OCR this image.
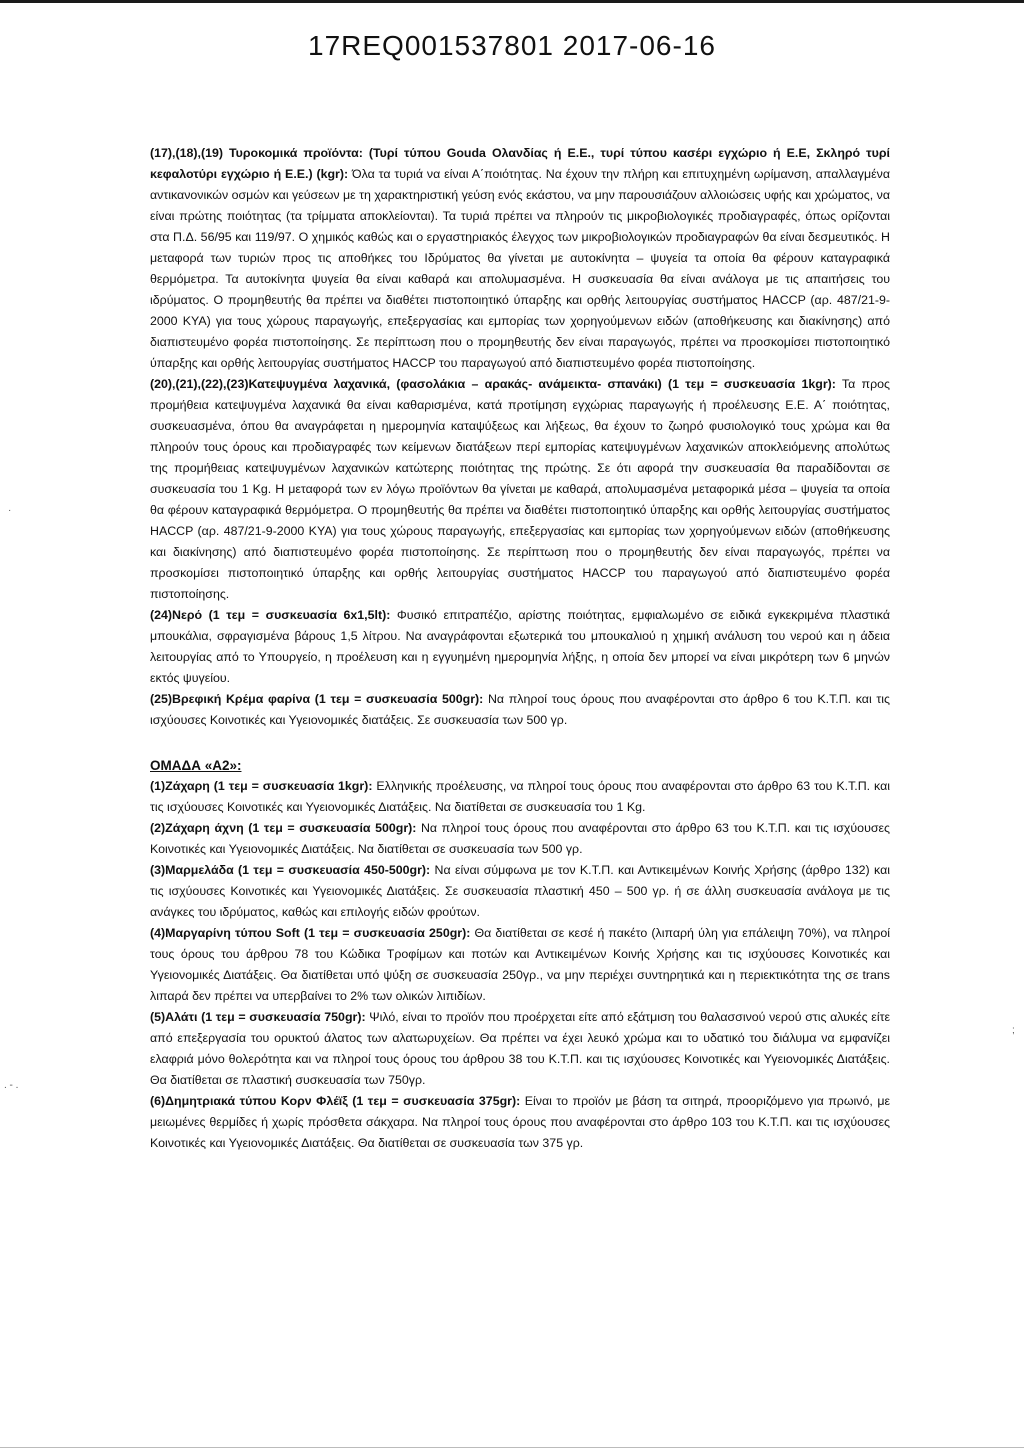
17REQ001537801 2017-06-16

(17),(18),(19) Τυροκομικά προϊόντα: (Τυρί τύπου Gouda Ολανδίας ή Ε.Ε., τυρί τύπου κασέρι εγχώριο ή Ε.Ε, Σκληρό τυρί κεφαλοτύρι εγχώριο ή Ε.Ε.) (kgr): Όλα τα τυριά να είναι Α΄ποιότητας. Να έχουν την πλήρη και επιτυχημένη ωρίμανση, απαλλαγμένα αντικανονικών οσμών και γεύσεων με τη χαρακτηριστική γεύση ενός εκάστου, να μην παρουσιάζουν αλλοιώσεις υφής και χρώματος, να είναι πρώτης ποιότητας (τα τρίμματα αποκλείονται). Τα τυριά πρέπει να πληρούν τις μικροβιολογικές προδιαγραφές, όπως ορίζονται στα Π.Δ. 56/95 και 119/97. Ο χημικός καθώς και ο εργαστηριακός έλεγχος των μικροβιολογικών προδιαγραφών θα είναι δεσμευτικός. Η μεταφορά των τυριών προς τις αποθήκες του Ιδρύματος θα γίνεται με αυτοκίνητα – ψυγεία τα οποία θα φέρουν καταγραφικά θερμόμετρα. Τα αυτοκίνητα ψυγεία θα είναι καθαρά και απολυμασμένα. Η συσκευασία θα είναι ανάλογα με τις απαιτήσεις του ιδρύματος. Ο προμηθευτής θα πρέπει να διαθέτει πιστοποιητικό ύπαρξης και ορθής λειτουργίας συστήματος HACCP (αρ. 487/21-9-2000 ΚΥΑ) για τους χώρους παραγωγής, επεξεργασίας και εμπορίας των χορηγούμενων ειδών (αποθήκευσης και διακίνησης) από διαπιστευμένο φορέα πιστοποίησης. Σε περίπτωση που ο προμηθευτής δεν είναι παραγωγός, πρέπει να προσκομίσει πιστοποιητικό ύπαρξης και ορθής λειτουργίας συστήματος HACCP του παραγωγού από διαπιστευμένο φορέα πιστοποίησης.

(20),(21),(22),(23)Κατεψυγμένα λαχανικά, (φασολάκια – αρακάς- ανάμεικτα- σπανάκι) (1 τεμ = συσκευασία 1kgr): Τα προς προμήθεια κατεψυγμένα λαχανικά θα είναι καθαρισμένα, κατά προτίμηση εγχώριας παραγωγής ή προέλευσης Ε.Ε. Α΄ ποιότητας, συσκευασμένα, όπου θα αναγράφεται η ημερομηνία καταψύξεως και λήξεως, θα έχουν το ζωηρό φυσιολογικό τους χρώμα και θα πληρούν τους όρους και προδιαγραφές των κείμενων διατάξεων περί εμπορίας κατεψυγμένων λαχανικών αποκλειόμενης απολύτως της προμήθειας κατεψυγμένων λαχανικών κατώτερης ποιότητας της πρώτης. Σε ότι αφορά την συσκευασία θα παραδίδονται σε συσκευασία του 1 Kg. Η μεταφορά των εν λόγω προϊόντων θα γίνεται με καθαρά, απολυμασμένα μεταφορικά μέσα – ψυγεία τα οποία θα φέρουν καταγραφικά θερμόμετρα. Ο προμηθευτής θα πρέπει να διαθέτει πιστοποιητικό ύπαρξης και ορθής λειτουργίας συστήματος HACCP (αρ. 487/21-9-2000 ΚΥΑ) για τους χώρους παραγωγής, επεξεργασίας και εμπορίας των χορηγούμενων ειδών (αποθήκευσης και διακίνησης) από διαπιστευμένο φορέα πιστοποίησης. Σε περίπτωση που ο προμηθευτής δεν είναι παραγωγός, πρέπει να προσκομίσει πιστοποιητικό ύπαρξης και ορθής λειτουργίας συστήματος HACCP του παραγωγού από διαπιστευμένο φορέα πιστοποίησης.

(24)Νερό (1 τεμ = συσκευασία 6x1,5lt): Φυσικό επιτραπέζιο, αρίστης ποιότητας, εμφιαλωμένο σε ειδικά εγκεκριμένα πλαστικά μπουκάλια, σφραγισμένα βάρους 1,5 λίτρου. Να αναγράφονται εξωτερικά του μπουκαλιού η χημική ανάλυση του νερού και η άδεια λειτουργίας από το Υπουργείο, η προέλευση και η εγγυημένη ημερομηνία λήξης, η οποία δεν μπορεί να είναι μικρότερη των 6 μηνών εκτός ψυγείου.

(25)Βρεφική Κρέμα φαρίνα (1 τεμ = συσκευασία 500gr): Να πληροί τους όρους που αναφέρονται στο άρθρο 6 του Κ.Τ.Π. και τις ισχύουσες Κοινοτικές και Υγειονομικές διατάξεις. Σε συσκευασία των 500 γρ.

ΟΜΑΔΑ «Α2»:

(1)Ζάχαρη (1 τεμ = συσκευασία 1kgr): Ελληνικής προέλευσης, να πληροί τους όρους που αναφέρονται στο άρθρο 63 του Κ.Τ.Π. και τις ισχύουσες Κοινοτικές και Υγειονομικές Διατάξεις. Να διατίθεται σε συσκευασία του 1 Kg.

(2)Ζάχαρη άχνη (1 τεμ = συσκευασία 500gr): Να πληροί τους όρους που αναφέρονται στο άρθρο 63 του Κ.Τ.Π. και τις ισχύουσες Κοινοτικές και Υγειονομικές Διατάξεις. Να διατίθεται σε συσκευασία των 500 γρ.

(3)Μαρμελάδα (1 τεμ = συσκευασία 450-500gr): Να είναι σύμφωνα με τον Κ.Τ.Π. και Αντικειμένων Κοινής Χρήσης (άρθρο 132) και τις ισχύουσες Κοινοτικές και Υγειονομικές Διατάξεις. Σε συσκευασία πλαστική 450 – 500 γρ. ή σε άλλη συσκευασία ανάλογα με τις ανάγκες του ιδρύματος, καθώς και επιλογής ειδών φρούτων.

(4)Μαργαρίνη τύπου Soft (1 τεμ = συσκευασία 250gr): Θα διατίθεται σε κεσέ ή πακέτο (λιπαρή ύλη για επάλειψη 70%), να πληροί τους όρους του άρθρου 78 του Κώδικα Τροφίμων και ποτών και Αντικειμένων Κοινής Χρήσης και τις ισχύουσες Κοινοτικές και Υγειονομικές Διατάξεις. Θα διατίθεται υπό ψύξη σε συσκευασία 250γρ., να μην περιέχει συντηρητικά και η περιεκτικότητα της σε trans λιπαρά δεν πρέπει να υπερβαίνει το 2% των ολικών λιπιδίων.

(5)Αλάτι (1 τεμ = συσκευασία 750gr): Ψιλό, είναι το προϊόν που προέρχεται είτε από εξάτμιση του θαλασσινού νερού στις αλυκές είτε από επεξεργασία του ορυκτού άλατος των αλατωρυχείων. Θα πρέπει να έχει λευκό χρώμα και το υδατικό του διάλυμα να εμφανίζει ελαφριά μόνο θολερότητα και να πληροί τους όρους του άρθρου 38 του Κ.Τ.Π. και τις ισχύουσες Κοινοτικές και Υγειονομικές Διατάξεις. Θα διατίθεται σε πλαστική συσκευασία των 750γρ.

(6)Δημητριακά τύπου Κορν Φλέϊξ (1 τεμ = συσκευασία 375gr): Είναι το προϊόν με βάση τα σιτηρά, προοριζόμενο για πρωινό, με μειωμένες θερμίδες ή χωρίς πρόσθετα σάκχαρα. Να πληροί τους όρους που αναφέρονται στο άρθρο 103 του Κ.Τ.Π. και τις ισχύουσες Κοινοτικές και Υγειονομικές Διατάξεις. Θα διατίθεται σε συσκευασία των 375 γρ.

·
. - .
;
